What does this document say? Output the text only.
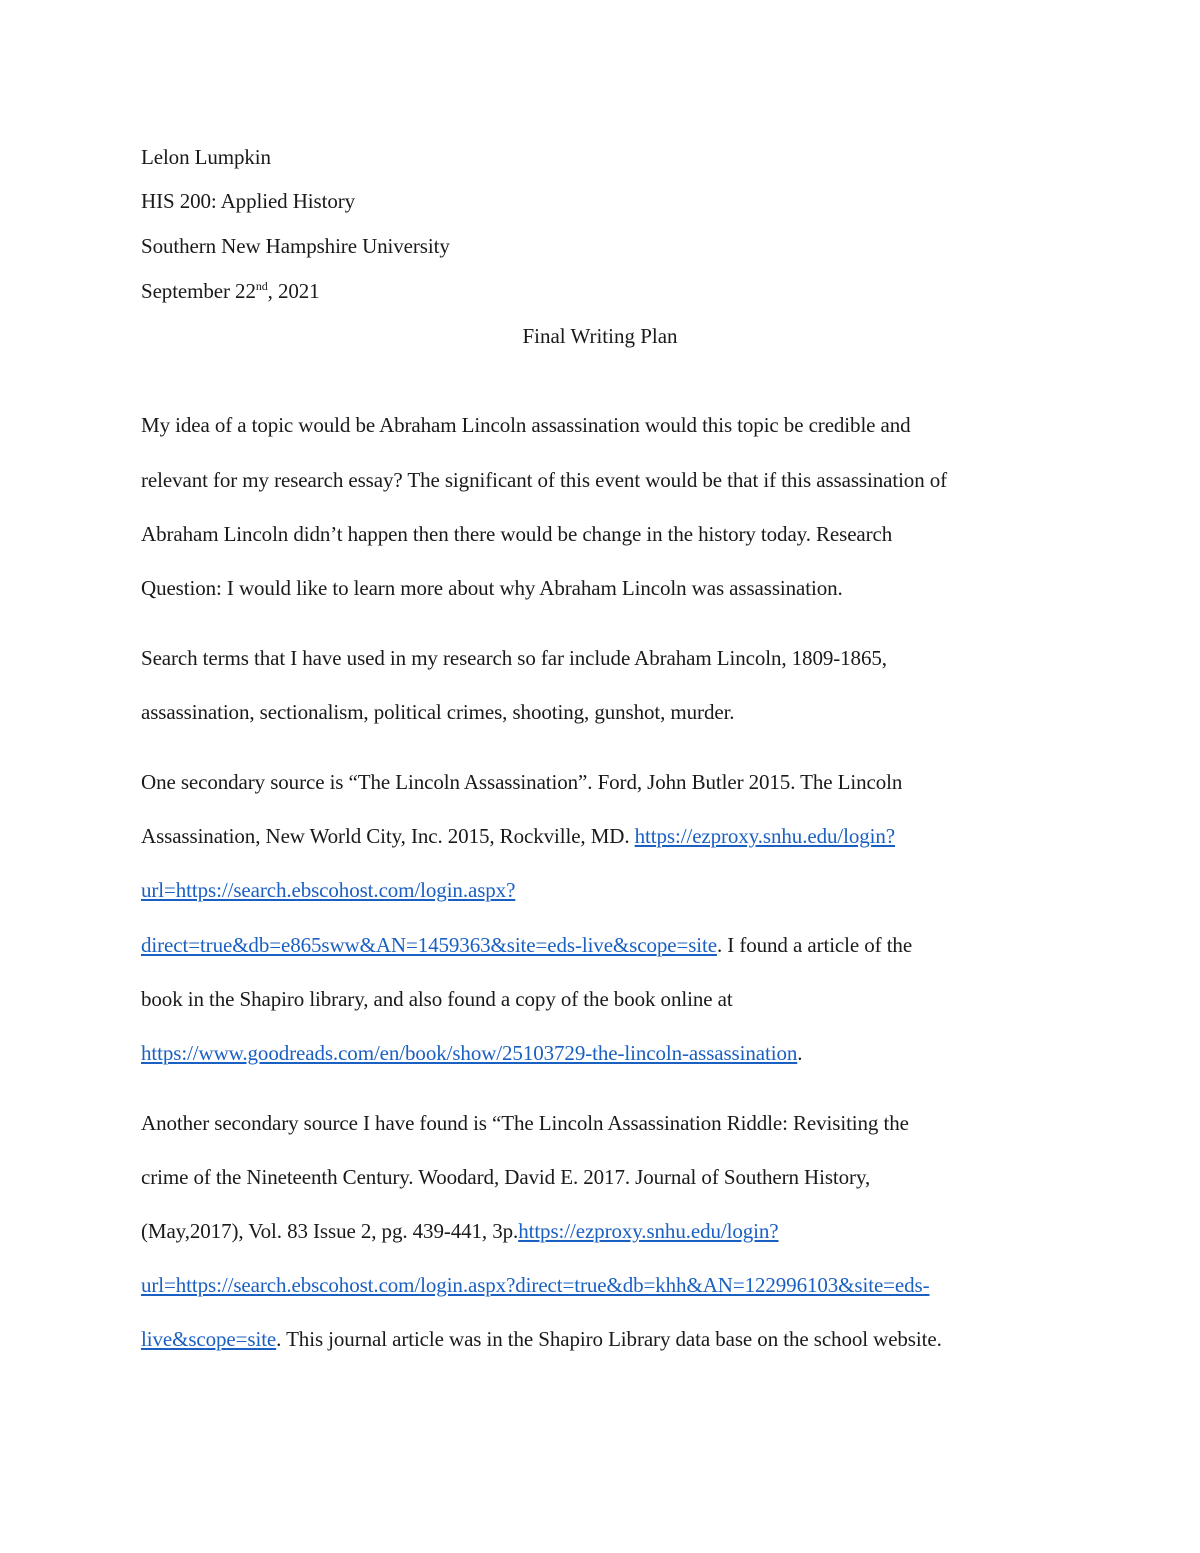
Lelon Lumpkin
HIS 200: Applied History
Southern New Hampshire University
September 22nd, 2021
Final Writing Plan
My idea of a topic would be Abraham Lincoln assassination would this topic be credible and
relevant for my research essay? The significant of this event would be that if this assassination of
Abraham Lincoln didn’t happen then there would be change in the history today. Research
Question: I would like to learn more about why Abraham Lincoln was assassination.
Search terms that I have used in my research so far include Abraham Lincoln, 1809-1865,
assassination, sectionalism, political crimes, shooting, gunshot, murder.
One secondary source is “The Lincoln Assassination”. Ford, John Butler 2015. The Lincoln
Assassination, New World City, Inc. 2015, Rockville, MD. https://ezproxy.snhu.edu/login?
url=https://search.ebscohost.com/login.aspx?
direct=true&db=e865sww&AN=1459363&site=eds-live&scope=site. I found a article of the
book in the Shapiro library, and also found a copy of the book online at
https://www.goodreads.com/en/book/show/25103729-the-lincoln-assassination.
Another secondary source I have found is “The Lincoln Assassination Riddle: Revisiting the
crime of the Nineteenth Century. Woodard, David E. 2017. Journal of Southern History,
(May,2017), Vol. 83 Issue 2, pg. 439-441, 3p.https://ezproxy.snhu.edu/login?
url=https://search.ebscohost.com/login.aspx?direct=true&db=khh&AN=122996103&site=eds-
live&scope=site. This journal article was in the Shapiro Library data base on the school website.
